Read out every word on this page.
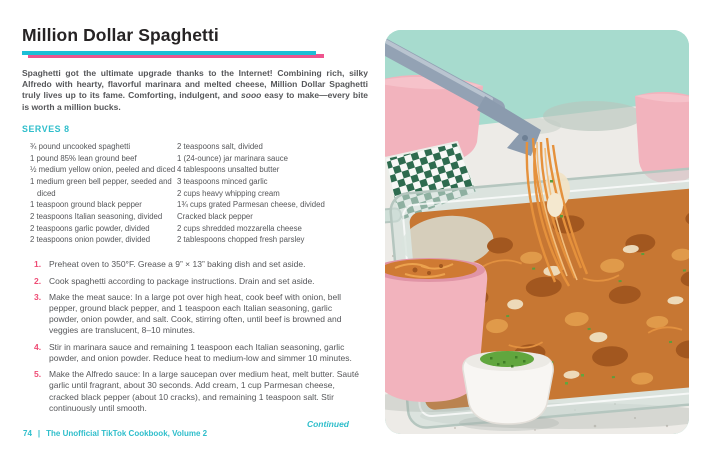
Million Dollar Spaghetti

Spaghetti got the ultimate upgrade thanks to the Internet! Combining rich, silky Alfredo with hearty, flavorful marinara and melted cheese, Million Dollar Spaghetti truly lives up to its fame. Comforting, indulgent, and sooo easy to make—every bite is worth a million bucks.

SERVES 8
¾ pound uncooked spaghetti
1 pound 85% lean ground beef
½ medium yellow onion, peeled and diced
1 medium green bell pepper, seeded and diced
1 teaspoon ground black pepper
2 teaspoons Italian seasoning, divided
2 teaspoons garlic powder, divided
2 teaspoons onion powder, divided
2 teaspoons salt, divided
1 (24-ounce) jar marinara sauce
4 tablespoons unsalted butter
3 teaspoons minced garlic
2 cups heavy whipping cream
1¾ cups grated Parmesan cheese, divided
Cracked black pepper
2 cups shredded mozzarella cheese
2 tablespoons chopped fresh parsley
1. Preheat oven to 350°F. Grease a 9” × 13” baking dish and set aside.
2. Cook spaghetti according to package instructions. Drain and set aside.
3. Make the meat sauce: In a large pot over high heat, cook beef with onion, bell pepper, ground black pepper, and 1 teaspoon each Italian seasoning, garlic powder, onion powder, and salt. Cook, stirring often, until beef is browned and veggies are translucent, 8–10 minutes.
4. Stir in marinara sauce and remaining 1 teaspoon each Italian seasoning, garlic powder, and onion powder. Reduce heat to medium-low and simmer 10 minutes.
5. Make the Alfredo sauce: In a large saucepan over medium heat, melt butter. Sauté garlic until fragrant, about 30 seconds. Add cream, 1 cup Parmesan cheese, cracked black pepper (about 10 cracks), and remaining 1 teaspoon salt. Stir continuously until smooth.
Continued
74 | The Unofficial TikTok Cookbook, Volume 2
